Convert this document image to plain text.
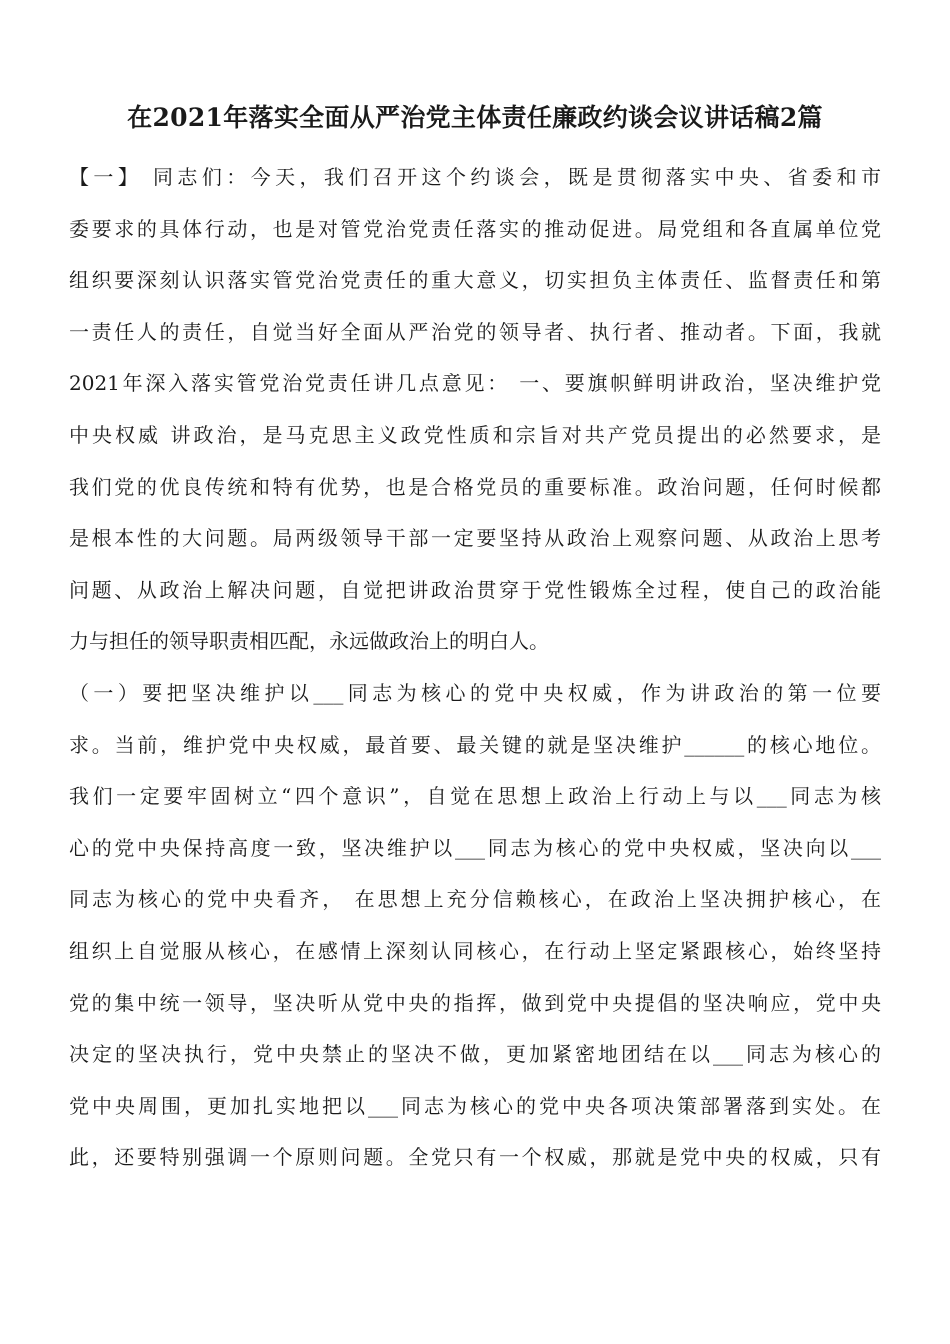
在2021年落实全面从严治党主体责任廉政约谈会议讲话稿2篇
【一】 同志们：今天，我们召开这个约谈会，既是贯彻落实中央、省委和市
委要求的具体行动，也是对管党治党责任落实的推动促进。局党组和各直属单位党
组织要深刻认识落实管党治党责任的重大意义，切实担负主体责任、监督责任和第
一责任人的责任，自觉当好全面从严治党的领导者、执行者、推动者。下面，我就
2021年深入落实管党治党责任讲几点意见： 一、要旗帜鲜明讲政治，坚决维护党
中央权威 讲政治，是马克思主义政党性质和宗旨对共产党员提出的必然要求，是
我们党的优良传统和特有优势，也是合格党员的重要标准。政治问题，任何时候都
是根本性的大问题。局两级领导干部一定要坚持从政治上观察问题、从政治上思考
问题、从政治上解决问题，自觉把讲政治贯穿于党性锻炼全过程，使自己的政治能
力与担任的领导职责相匹配，永远做政治上的明白人。
（一）要把坚决维护以___同志为核心的党中央权威，作为讲政治的第一位要
求。当前，维护党中央权威，最首要、最关键的就是坚决维护______的核心地位。
我们一定要牢固树立“四个意识”，自觉在思想上政治上行动上与以___同志为核
心的党中央保持高度一致，坚决维护以___同志为核心的党中央权威，坚决向以___
同志为核心的党中央看齐， 在思想上充分信赖核心，在政治上坚决拥护核心，在
组织上自觉服从核心，在感情上深刻认同核心，在行动上坚定紧跟核心，始终坚持
党的集中统一领导，坚决听从党中央的指挥，做到党中央提倡的坚决响应，党中央
决定的坚决执行，党中央禁止的坚决不做，更加紧密地团结在以___同志为核心的
党中央周围，更加扎实地把以___同志为核心的党中央各项决策部署落到实处。在
此，还要特别强调一个原则问题。全党只有一个权威，那就是党中央的权威，只有
